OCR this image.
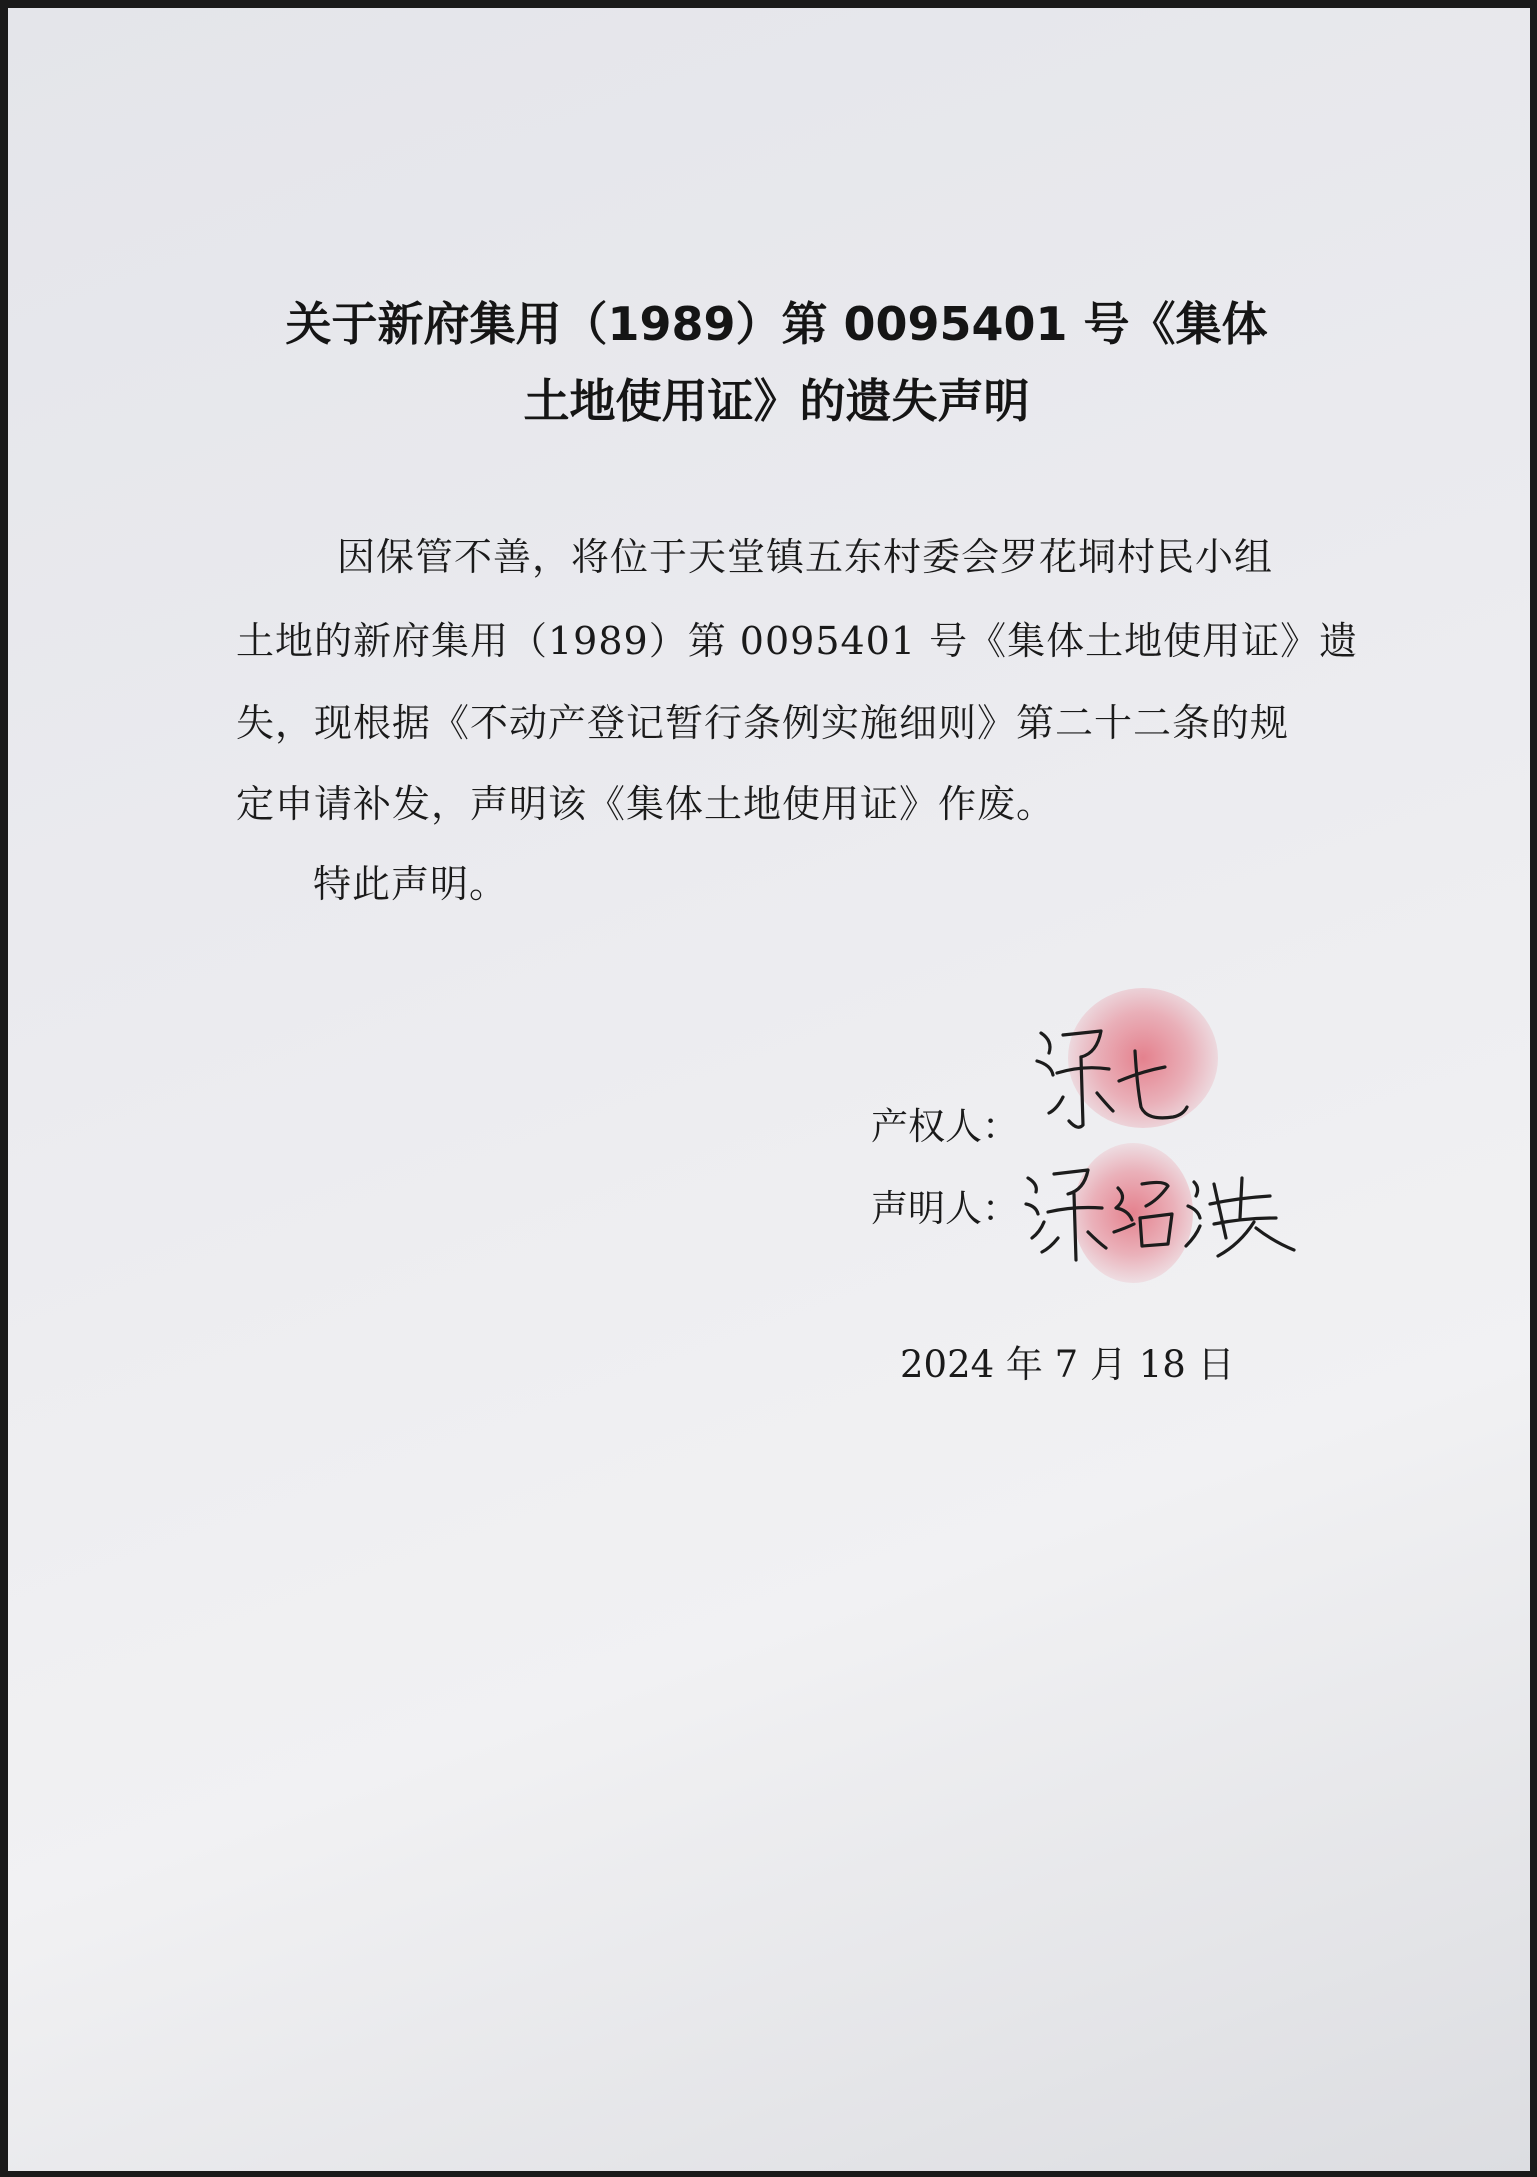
关于新府集用（1989）第 0095401 号《集体
土地使用证》的遗失声明
　因保管不善，将位于天堂镇五东村委会罗花垌村民小组
土地的新府集用（1989）第 0095401 号《集体土地使用证》遗
失，现根据《不动产登记暂行条例实施细则》第二十二条的规
定申请补发，声明该《集体土地使用证》作废。
特此声明。
产权人：
声明人：
2024 年 7 月 18 日
